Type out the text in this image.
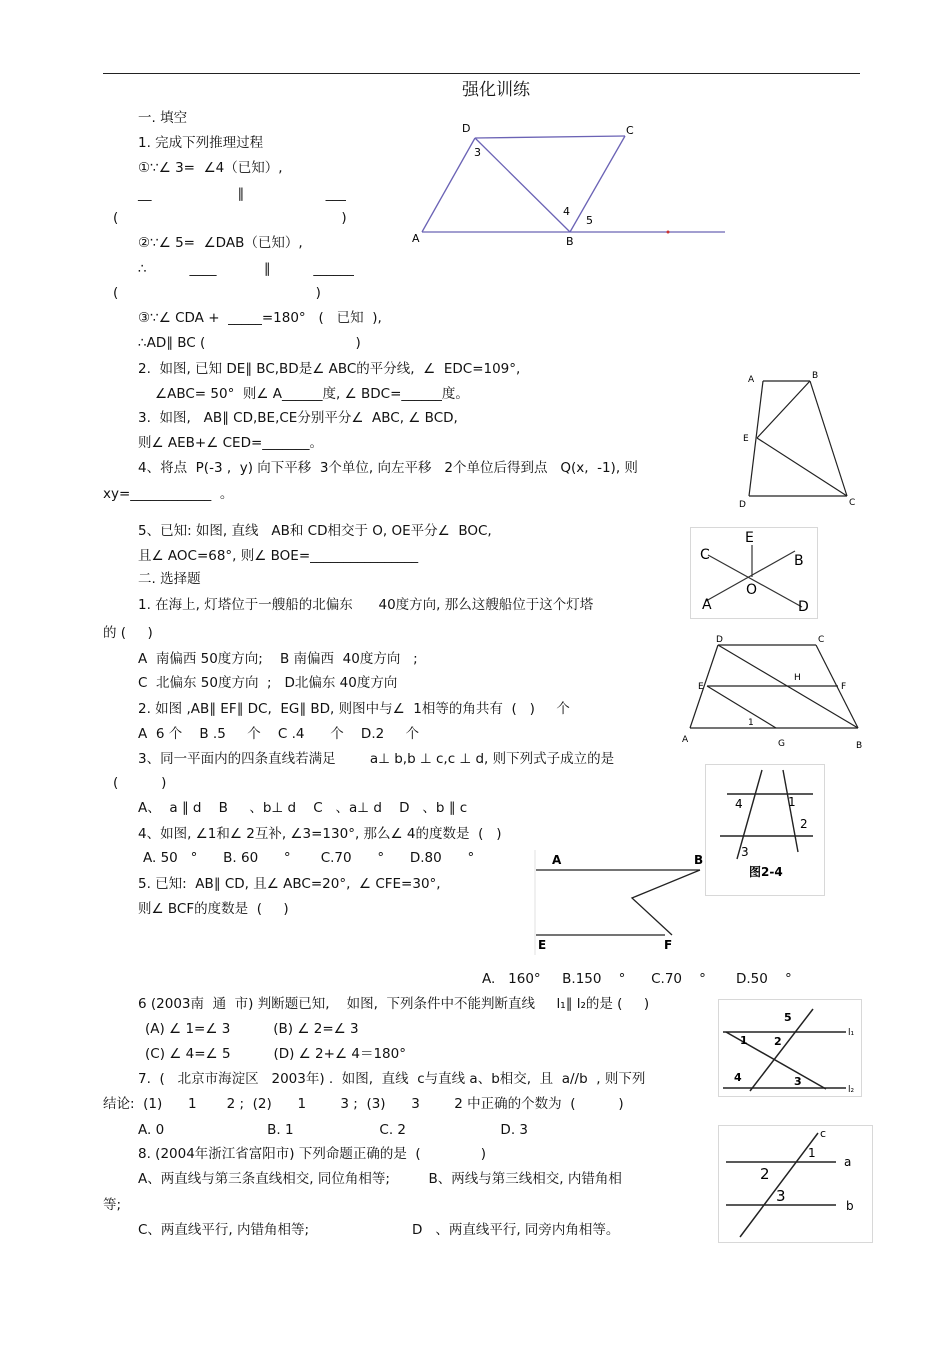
强化训练
一. 填空
1. 完成下列推理过程
①∵∠ 3=  ∠4（已知）,
__                    ∥                   ___
(                                                    )
②∵∠ 5=  ∠DAB（已知）,
∴          ____           ∥          ______
(                                              )
③∵∠ CDA +  _____=180°   (   已知  ),
∴AD∥ BC (                                   )
2.  如图, 已知 DE∥ BC,BD是∠ ABC的平分线,  ∠  EDC=109°,
∠ABC= 50°  则∠ A______度, ∠ BDC=______度。
3.  如图,   AB∥ CD,BE,CE分别平分∠  ABC, ∠ BCD,
则∠ AEB+∠ CED=_______。
4、将点  P(-3 ,  y) 向下平移  3个单位, 向左平移   2个单位后得到点   Q(x,  -1), 则
xy=____________  。
5、已知: 如图, 直线   AB和 CD相交于 O, OE平分∠  BOC,
且∠ AOC=68°, 则∠ BOE=________________
二. 选择题
1. 在海上, 灯塔位于一艘船的北偏东      40度方向, 那么这艘船位于这个灯塔
的 (     )
A  南偏西 50度方向;    B 南偏西  40度方向   ;
C  北偏东 50度方向  ;   D北偏东 40度方向
2. 如图 ,AB∥ EF∥ DC,  EG∥ BD, 则图中与∠  1相等的角共有  (   )     个
A  6 个    B .5     个    C .4      个    D.2     个
3、同一平面内的四条直线若满足        a⊥ b,b ⊥ c,c ⊥ d, 则下列式子成立的是
(          )
A、  a ∥ d    B     、b⊥ d    C   、a⊥ d    D   、b ∥ c
4、如图, ∠1和∠ 2互补, ∠3=130°, 那么∠ 4的度数是  (   )
A. 50   °      B. 60      °       C.70      °      D.80      °
5. 已知:  AB∥ CD, 且∠ ABC=20°,  ∠ CFE=30°,
则∠ BCF的度数是  (     )
A.   160°     B.150    °      C.70    °       D.50    °
6 (2003南  通  市) 判断题已知,    如图,  下列条件中不能判断直线     l₁∥ l₂的是 (     )
(A) ∠ 1=∠ 3          (B) ∠ 2=∠ 3
(C) ∠ 4=∠ 5          (D) ∠ 2+∠ 4＝180°
7.  (   北京市海淀区   2003年) .  如图,  直线  c与直线 a、b相交,  且  a//b  , 则下列
结论:  (1)      1       2 ;  (2)      1        3 ;  (3)      3        2 中正确的个数为  (          )
A. 0                        B. 1                    C. 2                      D. 3
8. (2004年浙江省富阳市) 下列命题正确的是  (              )
A、两直线与第三条直线相交, 同位角相等;         B、两线与第三线相交, 内错角相
等;
C、两直线平行, 内错角相等;                        D   、两直线平行, 同旁内角相等。
D	C
A	B
3
4
5
A	B
E
D	C
E
C	B
A
O
D
D	C
E
H
F
A	G	B
1
4	1
2
3
图2-4
A	B
E	F
5
1 2
4	3
l₁
l₂
c
a
b
1
2
3
